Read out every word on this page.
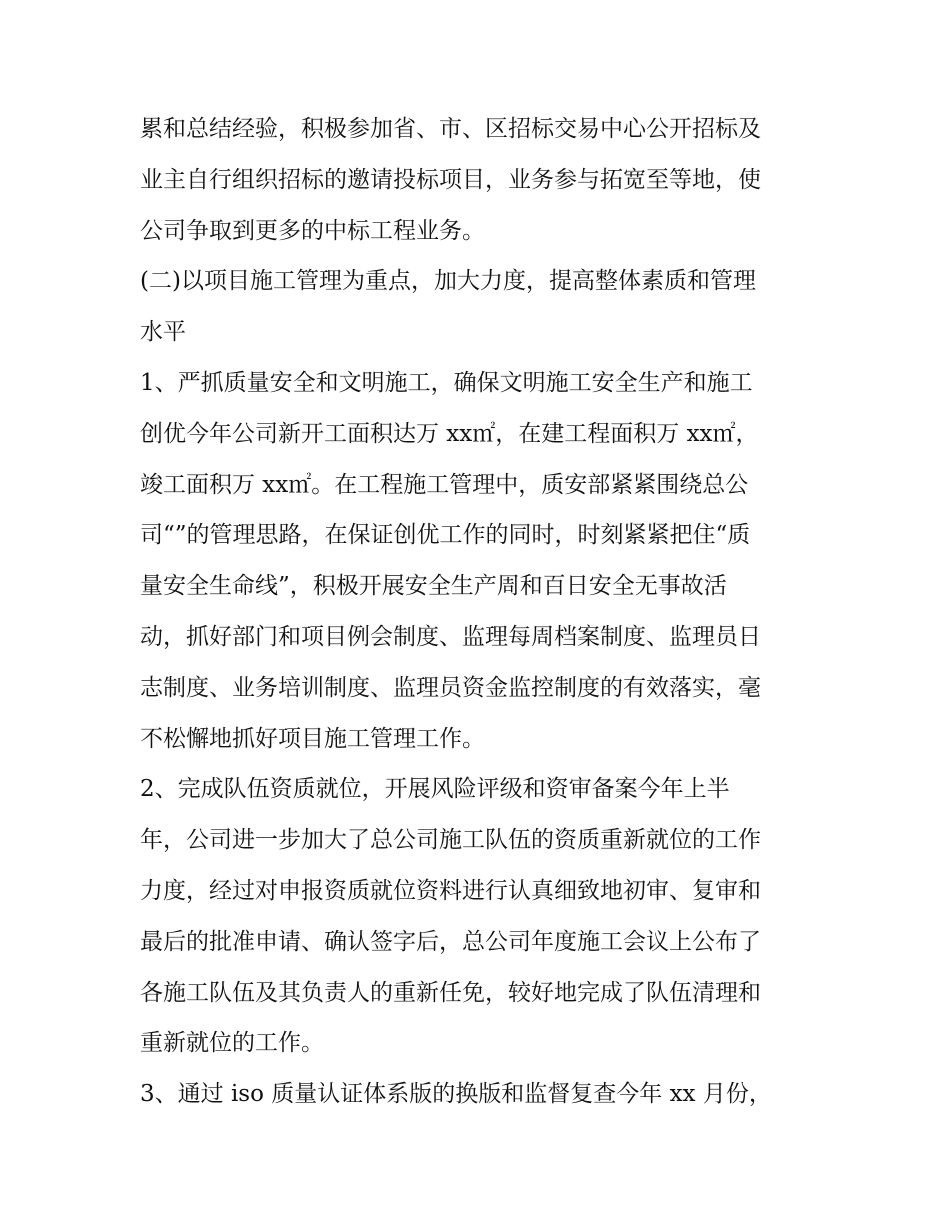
累和总结经验，积极参加省、市、区招标交易中心公开招标及
业主自行组织招标的邀请投标项目，业务参与拓宽至等地，使
公司争取到更多的中标工程业务。
(二)以项目施工管理为重点，加大力度，提高整体素质和管理
水平
1、严抓质量安全和文明施工，确保文明施工安全生产和施工
创优今年公司新开工面积达万 xx㎡，在建工程面积万 xx㎡，
竣工面积万 xx㎡。在工程施工管理中，质安部紧紧围绕总公
司“”的管理思路，在保证创优工作的同时，时刻紧紧把住“质
量安全生命线”，积极开展安全生产周和百日安全无事故活
动，抓好部门和项目例会制度、监理每周档案制度、监理员日
志制度、业务培训制度、监理员资金监控制度的有效落实，毫
不松懈地抓好项目施工管理工作。
2、完成队伍资质就位，开展风险评级和资审备案今年上半
年，公司进一步加大了总公司施工队伍的资质重新就位的工作
力度，经过对申报资质就位资料进行认真细致地初审、复审和
最后的批准申请、确认签字后，总公司年度施工会议上公布了
各施工队伍及其负责人的重新任免，较好地完成了队伍清理和
重新就位的工作。
3、通过 iso 质量认证体系版的换版和监督复查今年 xx 月份，
